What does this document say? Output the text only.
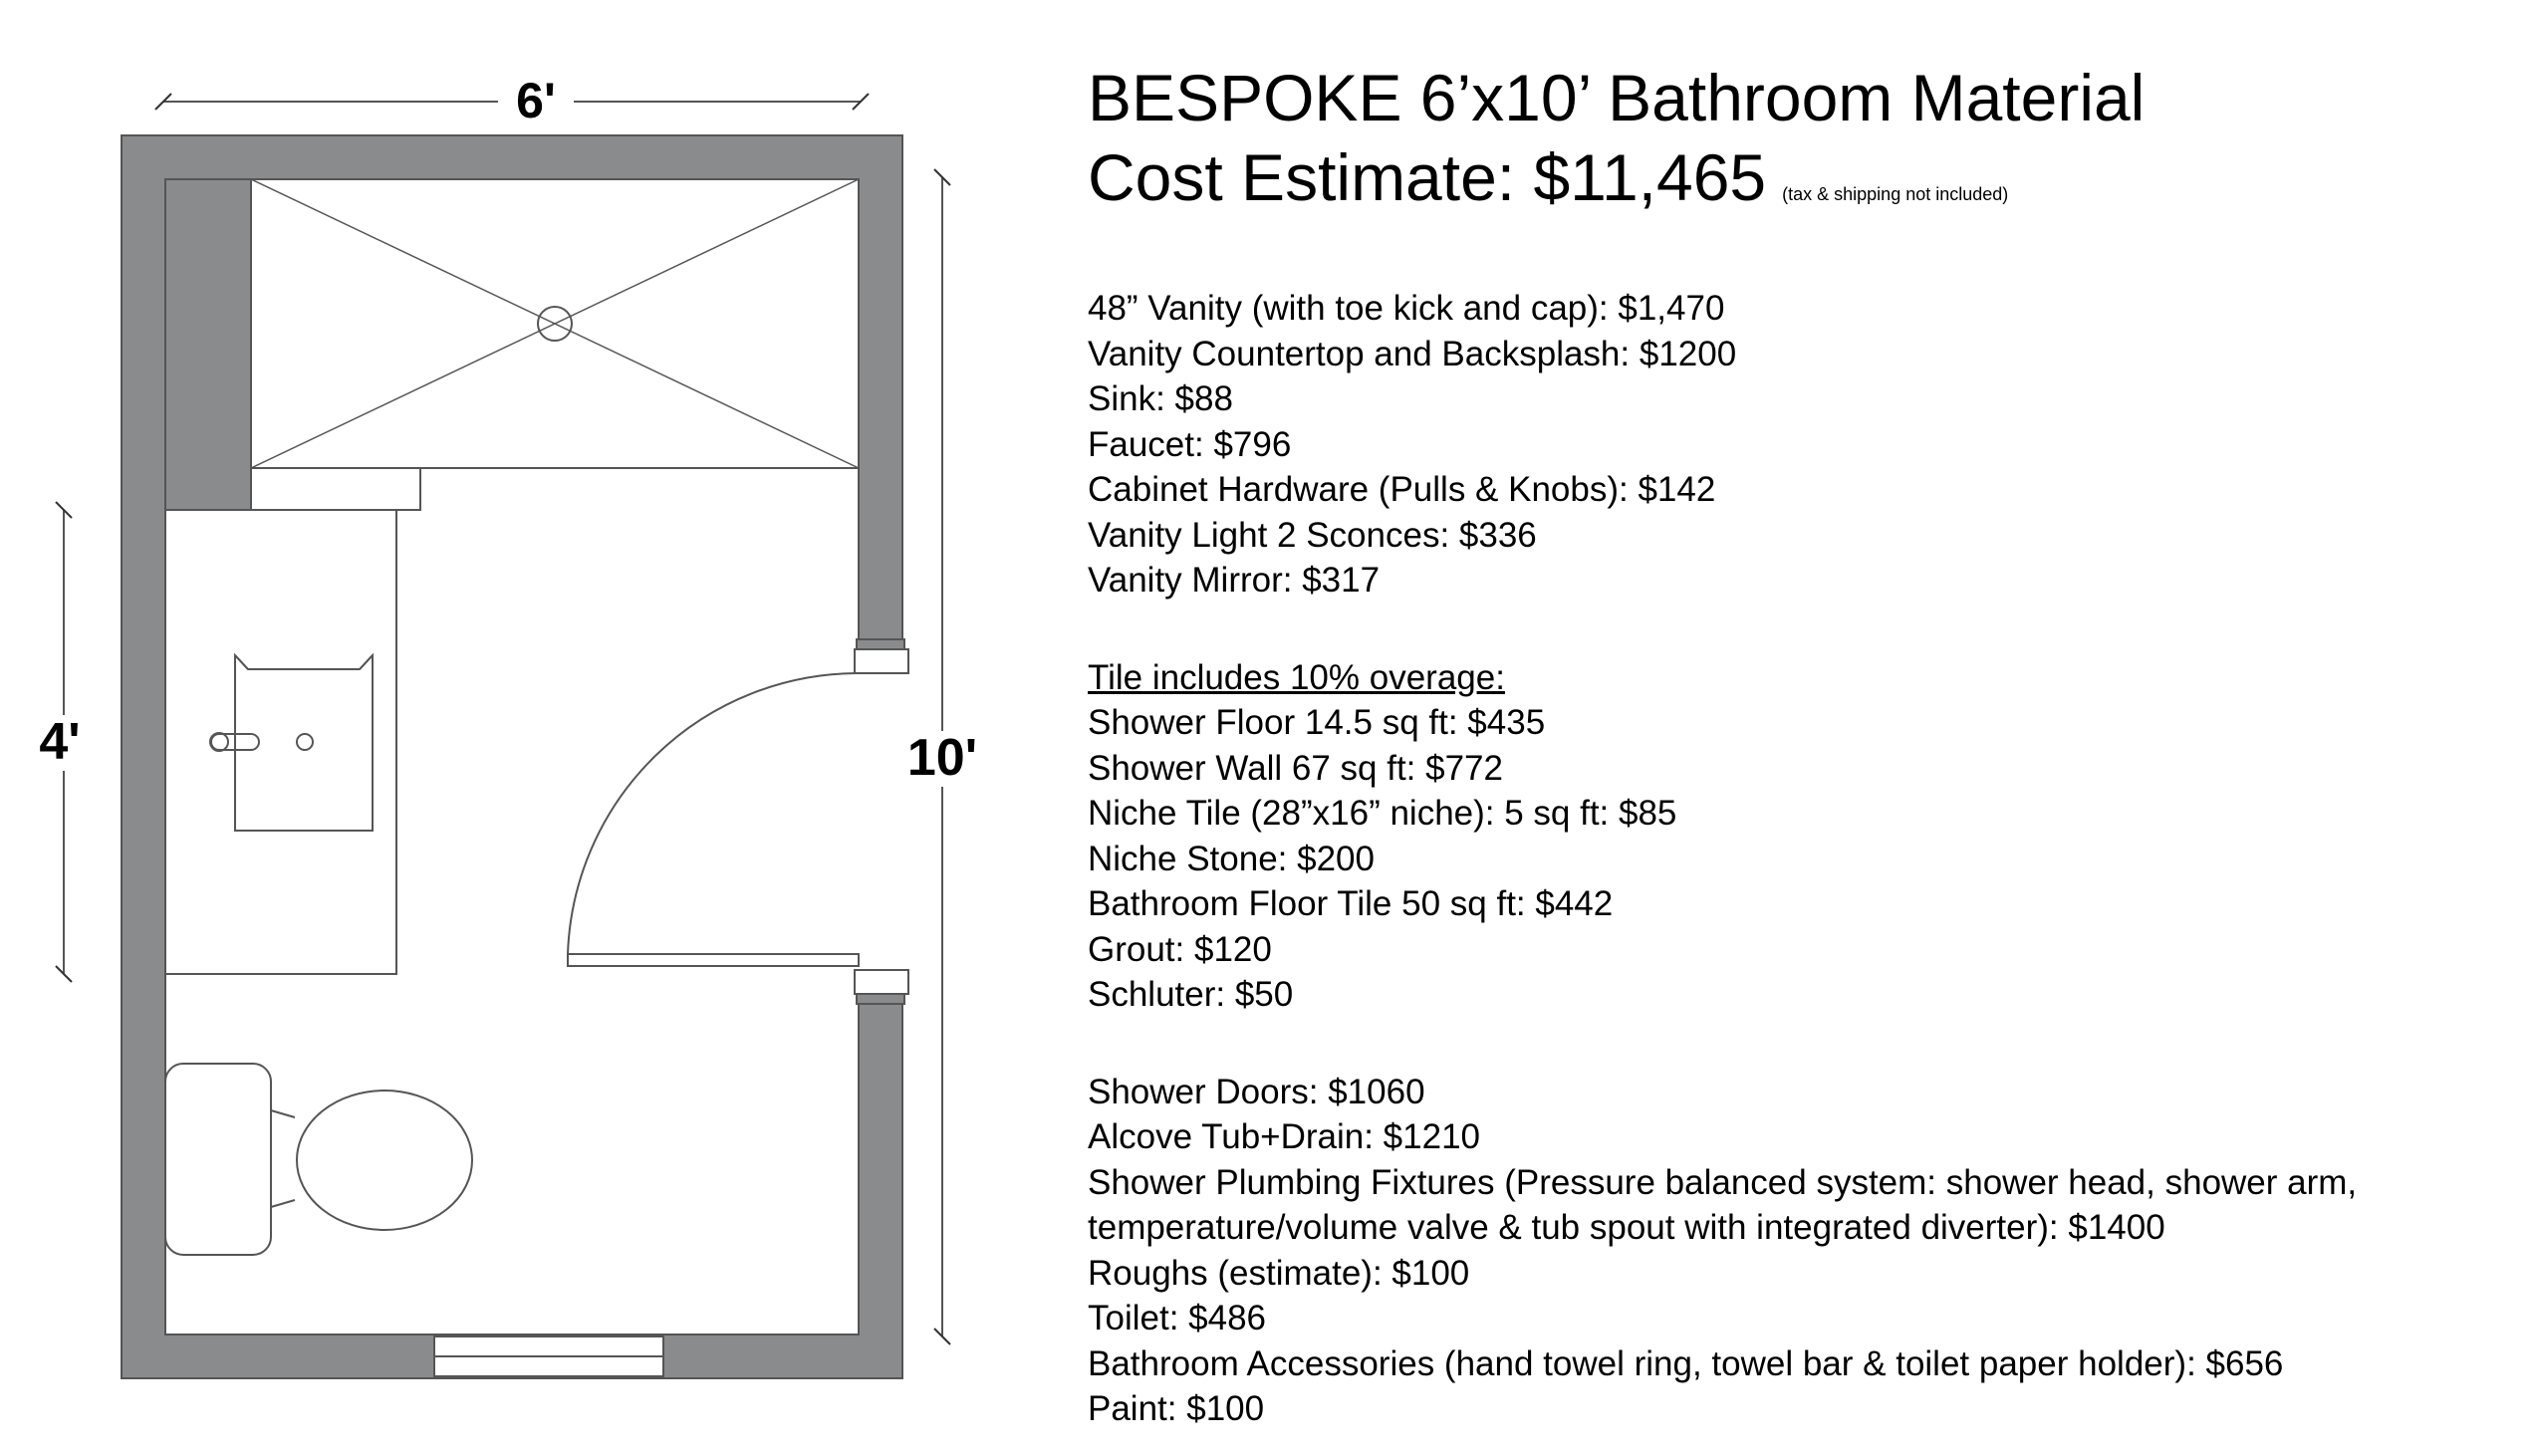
6'
4'	10'
BESPOKE 6’x10’ Bathroom Material
Cost Estimate: $11,465 (tax & shipping not included)
48” Vanity (with toe kick and cap): $1,470
Vanity Countertop and Backsplash: $1200
Sink: $88
Faucet: $796
Cabinet Hardware (Pulls & Knobs): $142
Vanity Light 2 Sconces: $336
Vanity Mirror: $317
Tile includes 10% overage:
Shower Floor 14.5 sq ft: $435
Shower Wall 67 sq ft: $772
Niche Tile (28”x16” niche): 5 sq ft: $85
Niche Stone: $200
Bathroom Floor Tile 50 sq ft: $442
Grout: $120
Schluter: $50
Shower Doors: $1060
Alcove Tub+Drain: $1210
Shower Plumbing Fixtures (Pressure balanced system: shower head, shower arm, temperature/volume valve & tub spout with integrated diverter): $1400
Roughs (estimate): $100
Toilet: $486
Bathroom Accessories (hand towel ring, towel bar & toilet paper holder): $656
Paint: $100
